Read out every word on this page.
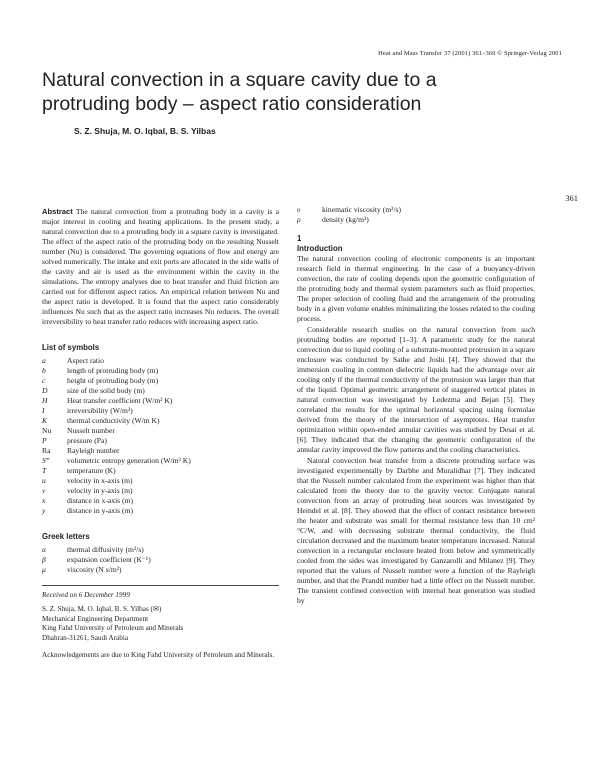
Heat and Mass Transfer 37 (2001) 361–369 © Springer-Verlag 2001
361
Natural convection in a square cavity due to a protruding body – aspect ratio consideration
S. Z. Shuja, M. O. Iqbal, B. S. Yilbas

Abstract The natural convection from a protruding body in a cavity is a major interest in cooling and heating applications. In the present study, a natural convection due to a protruding body in a square cavity is investigated. The effect of the aspect ratio of the protruding body on the resulting Nusselt number (Nu) is considered. The governing equations of flow and energy are solved numerically. The intake and exit ports are allocated in the side walls of the cavity and air is used as the environment within the cavity in the simulations. The entropy analyses due to heat transfer and fluid friction are carried out for different aspect ratios. An empirical relation between Nu and the aspect ratio is developed. It is found that the aspect ratio considerably influences Nu such that as the aspect ratio increases Nu reduces. The overall irreversibility to heat transfer ratio reduces with increasing aspect ratio.

List of symbols
a	Aspect ratio
b	length of protruding body (m)
c	height of protruding body (m)
D	size of the solid body (m)
H	Heat transfer coefficient (W/m² K)
I	irreversibility (W/m³)
K	thermal conductivity (W/m K)
Nu	Nusselt number
P	pressure (Pa)
Ra	Rayleigh number
S‴	volumetric entropy generation (W/m³ K)
T	temperature (K)
u	velocity in x-axis (m)
v	velocity in y-axis (m)
x	distance in x-axis (m)
y	distance in y-axis (m)
Greek letters
α	thermal diffusivity (m²/s)
β	expansion coefficient (K⁻¹)
μ	viscosity (N s/m²)
Received on 6 December 1999
S. Z. Shuja, M. O. Iqbal, B. S. Yilbas (✉)
Mechanical Engineering Department
King Fahd University of Petroleum and Minerals
Dhahran-31261, Saudi Arabia
Acknowledgements are due to King Fahd University of Petroleum and Minerals.
υ	kinematic viscosity (m²/s)
ρ	density (kg/m³)
1
Introduction

The natural convection cooling of electronic components is an important research field in thermal engineering. In the case of a buoyancy-driven convection, the rate of cooling depends upon the geometric configuration of the protruding body and thermal system parameters such as fluid properties. The proper selection of cooling fluid and the arrangement of the protruding body in a given volume enables minimalizing the losses related to the cooling process.

Considerable research studies on the natural convection from such protruding bodies are reported [1–3]. A parametric study for the natural convection due to liquid cooling of a substrate-mounted protrusion in a square enclosure was conducted by Sathe and Joshi [4]. They showed that the immersion cooling in common dielectric liquids had the advantage over air cooling only if the thermal conductivity of the protrusion was larger than that of the liquid. Optimal geometric arrangement of staggered vertical plates in natural convection was investigated by Ledezma and Bejan [5]. They correlated the results for the optimal horizontal spacing using formulae derived from the theory of the intersection of asymptotes. Heat transfer optimization within open-ended annular cavities was studied by Desai et al. [6]. They indicated that the changing the geometric configuration of the annular cavity improved the flow patterns and the cooling characteristics.

Natural convection heat transfer from a discrete protruding surface was investigated experimentally by Darbhe and Muralidhar [7]. They indicated that the Nusselt number calculated from the experiment was higher than that calculated from the theory due to the gravity vector. Conjugate natural convection from an array of protruding heat sources was investigated by Heindel et al. [8]. They showed that the effect of contact resistance between the heater and substrate was small for thermal resistance less than 10 cm² °C/W, and with decreasing substrate thermal conductivity, the fluid circulation decreased and the maximum heater temperature increased. Natural convection in a rectangular enclosure heated from below and symmetrically cooled from the sides was investigated by Ganzarolli and Milanez [9]. They reported that the values of Nusselt number were a function of the Rayleigh number, and that the Prandtl number had a little effect on the Nusselt number. The transient confined convection with internal heat generation was studied by
